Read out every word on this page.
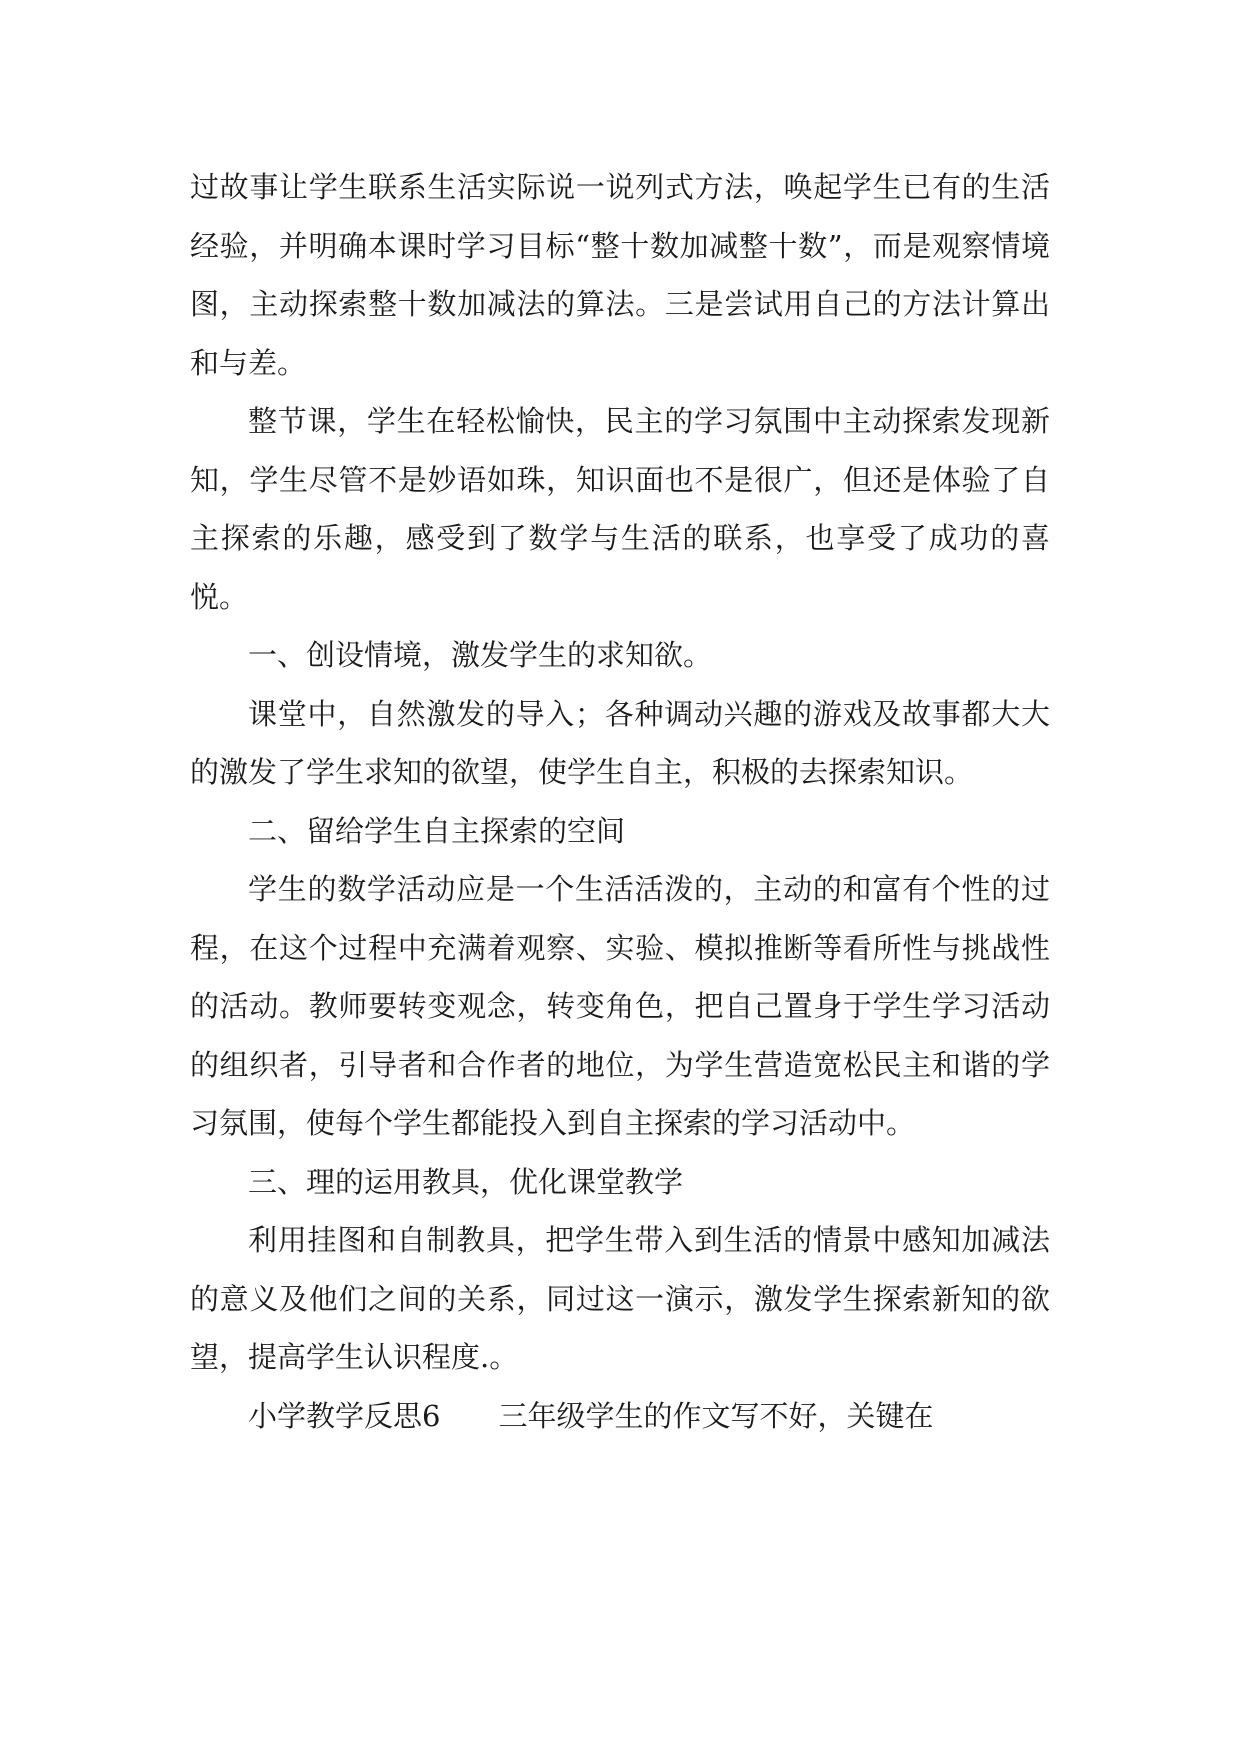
过故事让学生联系生活实际说一说列式方法，唤起学生已有的生活经验，并明确本课时学习目标“整十数加减整十数”，而是观察情境图，主动探索整十数加减法的算法。三是尝试用自己的方法计算出和与差。

整节课，学生在轻松愉快，民主的学习氛围中主动探索发现新知，学生尽管不是妙语如珠，知识面也不是很广，但还是体验了自主探索的乐趣，感受到了数学与生活的联系，也享受了成功的喜悦。

一、创设情境，激发学生的求知欲。

课堂中，自然激发的导入；各种调动兴趣的游戏及故事都大大的激发了学生求知的欲望，使学生自主，积极的去探索知识。

二、留给学生自主探索的空间

学生的数学活动应是一个生活活泼的，主动的和富有个性的过程，在这个过程中充满着观察、实验、模拟推断等看所性与挑战性的活动。教师要转变观念，转变角色，把自己置身于学生学习活动的组织者，引导者和合作者的地位，为学生营造宽松民主和谐的学习氛围，使每个学生都能投入到自主探索的学习活动中。

三、理的运用教具，优化课堂教学

利用挂图和自制教具，把学生带入到生活的情景中感知加减法的意义及他们之间的关系，同过这一演示，激发学生探索新知的欲望，提高学生认识程度.。

小学教学反思6　　三年级学生的作文写不好，关键在
